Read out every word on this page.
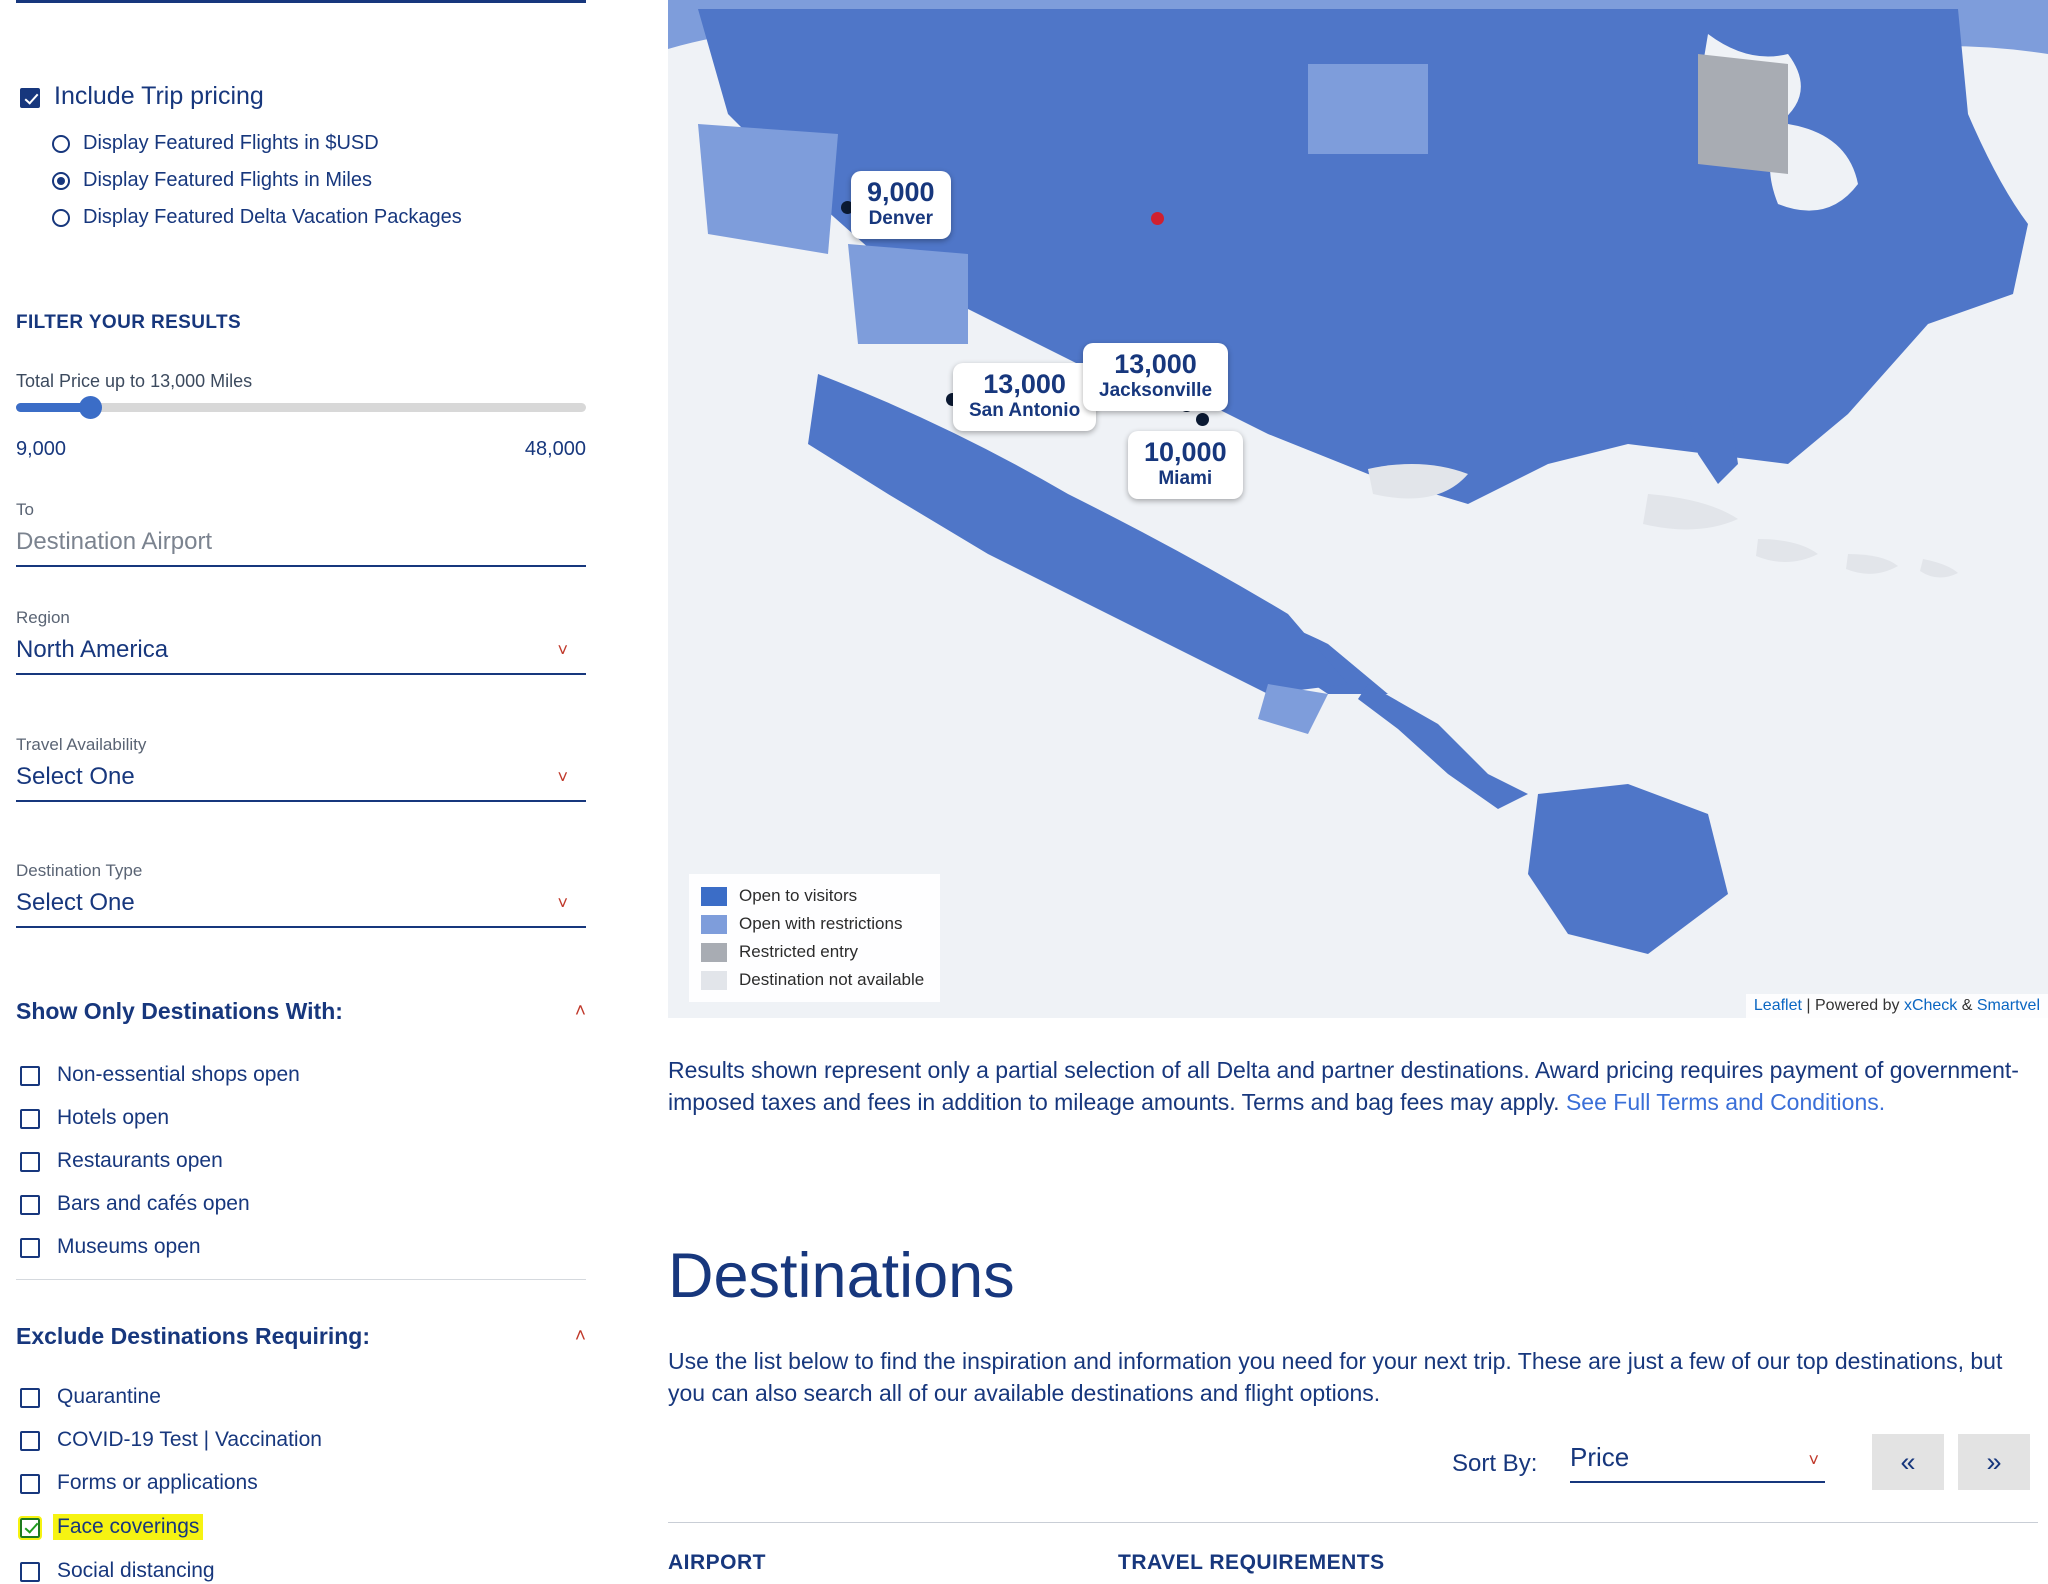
Include Trip pricing
Display Featured Flights in $USD
Display Featured Flights in Miles
Display Featured Delta Vacation Packages
FILTER YOUR RESULTS
Total Price up to 13,000 Miles
9,000	48,000
To
Destination Airport
Region
North America	˅
Travel Availability
Select One	˅
Destination Type
Select One	˅
Show Only Destinations With:	˄
Non-essential shops open
Hotels open
Restaurants open
Bars and cafés open
Museums open
Exclude Destinations Requiring:	˄
Quarantine
COVID-19 Test | Vaccination
Forms or applications
Face coverings
Social distancing
9,000
Denver
13,000
San Antonio
13,000
Jacksonville
10,000
Miami
Open to visitors
Open with restrictions
Restricted entry
Destination not available
Leaflet | Powered by xCheck & Smartvel
Results shown represent only a partial selection of all Delta and partner destinations. Award pricing requires payment of government-imposed taxes and fees in addition to mileage amounts. Terms and bag fees may apply. See Full Terms and Conditions.
Destinations
Use the list below to find the inspiration and information you need for your next trip. These are just a few of our top destinations, but you can also search all of our available destinations and flight options.
Sort By: Price	˅	«	»
AIRPORT	TRAVEL REQUIREMENTS
